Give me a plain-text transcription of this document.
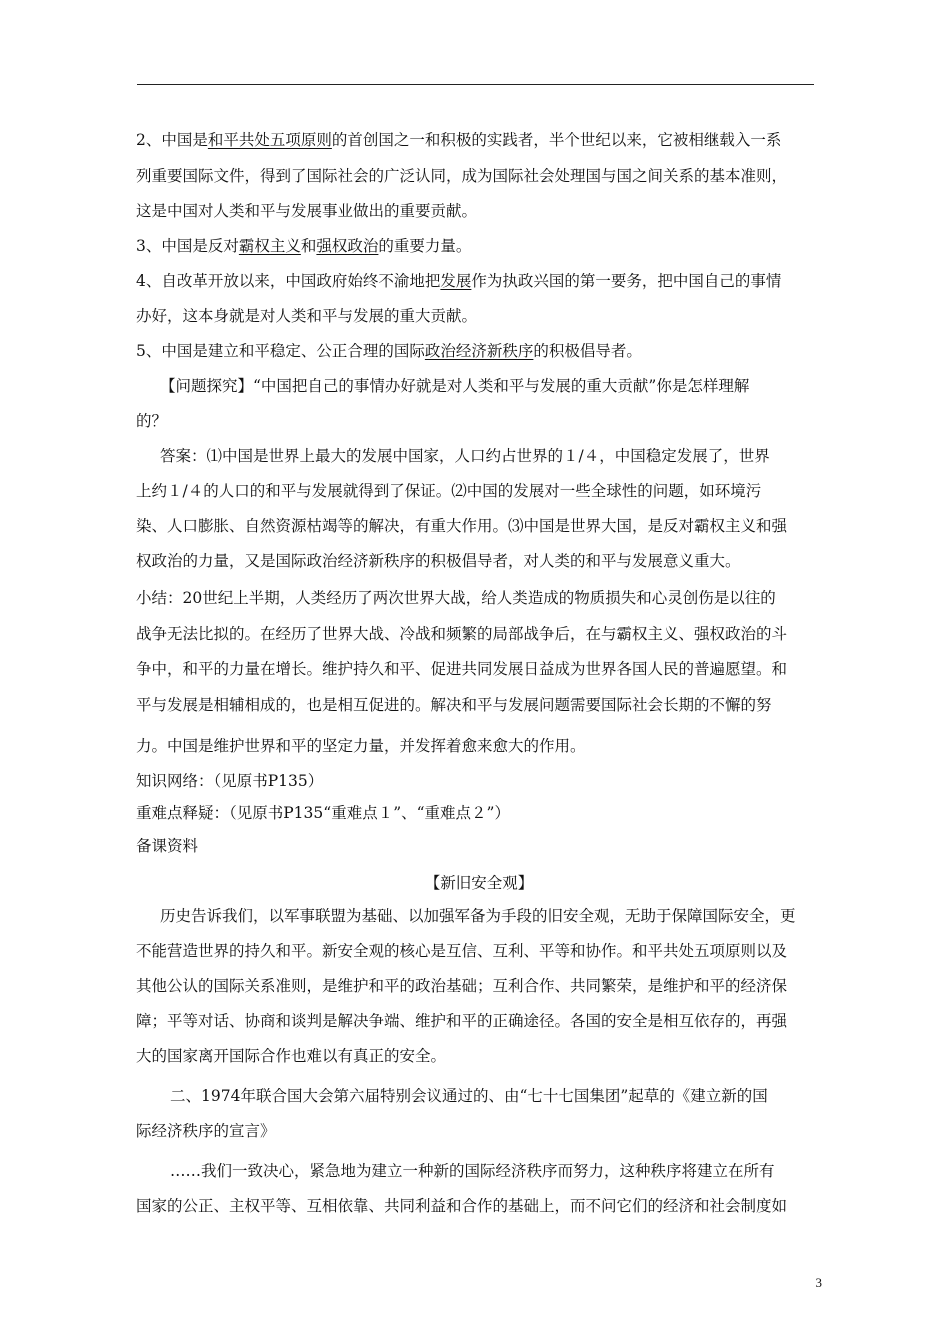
2、中国是和平共处五项原则的首创国之一和积极的实践者，半个世纪以来，它被相继载入一系
列重要国际文件，得到了国际社会的广泛认同，成为国际社会处理国与国之间关系的基本准则，
这是中国对人类和平与发展事业做出的重要贡献。
3、中国是反对霸权主义和强权政治的重要力量。
4、自改革开放以来，中国政府始终不渝地把发展作为执政兴国的第一要务，把中国自己的事情
办好，这本身就是对人类和平与发展的重大贡献。
5、中国是建立和平稳定、公正合理的国际政治经济新秩序的积极倡导者。
【问题探究】“中国把自己的事情办好就是对人类和平与发展的重大贡献”你是怎样理解
的？
答案：⑴中国是世界上最大的发展中国家，人口约占世界的１/４，中国稳定发展了，世界
上约１/４的人口的和平与发展就得到了保证。⑵中国的发展对一些全球性的问题，如环境污
染、人口膨胀、自然资源枯竭等的解决，有重大作用。⑶中国是世界大国，是反对霸权主义和强
权政治的力量，又是国际政治经济新秩序的积极倡导者，对人类的和平与发展意义重大。
小结：20世纪上半期，人类经历了两次世界大战，给人类造成的物质损失和心灵创伤是以往的
战争无法比拟的。在经历了世界大战、冷战和频繁的局部战争后，在与霸权主义、强权政治的斗
争中，和平的力量在增长。维护持久和平、促进共同发展日益成为世界各国人民的普遍愿望。和
平与发展是相辅相成的，也是相互促进的。解决和平与发展问题需要国际社会长期的不懈的努
力。中国是维护世界和平的坚定力量，并发挥着愈来愈大的作用。
知识网络：（见原书P135）
重难点释疑：（见原书P135“重难点１”、“重难点２”）
备课资料
【新旧安全观】
历史告诉我们，以军事联盟为基础、以加强军备为手段的旧安全观，无助于保障国际安全，更
不能营造世界的持久和平。新安全观的核心是互信、互利、平等和协作。和平共处五项原则以及
其他公认的国际关系准则，是维护和平的政治基础；互利合作、共同繁荣，是维护和平的经济保
障；平等对话、协商和谈判是解决争端、维护和平的正确途径。各国的安全是相互依存的，再强
大的国家离开国际合作也难以有真正的安全。
二、1974年联合国大会第六届特别会议通过的、由“七十七国集团”起草的《建立新的国
际经济秩序的宣言》
……我们一致决心，紧急地为建立一种新的国际经济秩序而努力，这种秩序将建立在所有
国家的公正、主权平等、互相依靠、共同利益和合作的基础上，而不问它们的经济和社会制度如
3
